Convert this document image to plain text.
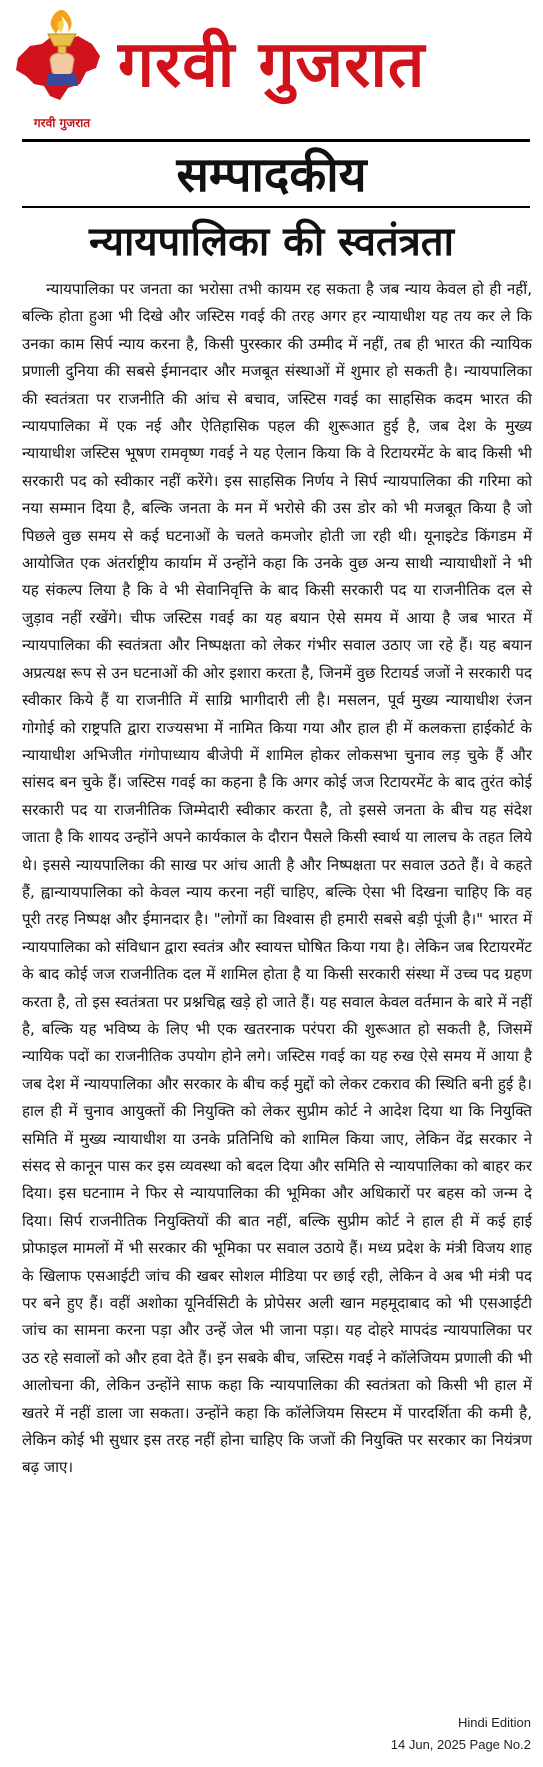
गरवी गुजरात
गरवी गुजरात
सम्पादकीय
न्यायपालिका की स्वतंत्रता
न्यायपालिका पर जनता का भरोसा तभी कायम रह सकता है जब न्याय केवल हो ही नहीं, बल्कि होता हुआ भी दिखे और जस्टिस गवई की तरह अगर हर न्यायाधीश यह तय कर ले कि उनका काम सिर्प न्याय करना है, किसी पुरस्कार की उम्मीद में नहीं, तब ही भारत की न्यायिक प्रणाली दुनिया की सबसे ईमानदार और मजबूत संस्थाओं में शुमार हो सकती है। न्यायपालिका की स्वतंत्रता पर राजनीति की आंच से बचाव, जस्टिस गवई का साहसिक कदम भारत की न्यायपालिका में एक नई और ऐतिहासिक पहल की शुरूआत हुई है, जब देश के मुख्य न्यायाधीश जस्टिस भूषण रामवृष्ण गवई ने यह ऐलान किया कि वे रिटायरमेंट के बाद किसी भी सरकारी पद को स्वीकार नहीं करेंगे। इस साहसिक निर्णय ने सिर्प न्यायपालिका की गरिमा को नया सम्मान दिया है, बल्कि जनता के मन में भरोसे की उस डोर को भी मजबूत किया है जो पिछले वुछ समय से कई घटनाओं के चलते कमजोर होती जा रही थी। यूनाइटेड किंगडम में आयोजित एक अंतर्राष्ट्रीय कार्याम में उन्होंने कहा कि उनके वुछ अन्य साथी न्यायाधीशों ने भी यह संकल्प लिया है कि वे भी सेवानिवृत्ति के बाद किसी सरकारी पद या राजनीतिक दल से जुड़ाव नहीं रखेंगे। चीफ जस्टिस गवई का यह बयान ऐसे समय में आया है जब भारत में न्यायपालिका की स्वतंत्रता और निष्पक्षता को लेकर गंभीर सवाल उठाए जा रहे हैं। यह बयान अप्रत्यक्ष रूप से उन घटनाओं की ओर इशारा करता है, जिनमें वुछ रिटायर्ड जजों ने सरकारी पद स्वीकार किये हैं या राजनीति में साय्रि भागीदारी ली है। मसलन, पूर्व मुख्य न्यायाधीश रंजन गोगोई को राष्ट्रपति द्वारा राज्यसभा में नामित किया गया और हाल ही में कलकत्ता हाईकोर्ट के न्यायाधीश अभिजीत गंगोपाध्याय बीजेपी में शामिल होकर लोकसभा चुनाव लड़ चुके हैं और सांसद बन चुके हैं। जस्टिस गवई का कहना है कि अगर कोई जज रिटायरमेंट के बाद तुरंत कोई सरकारी पद या राजनीतिक जिम्मेदारी स्वीकार करता है, तो इससे जनता के बीच यह संदेश जाता है कि शायद उन्होंने अपने कार्यकाल के दौरान पैसले किसी स्वार्थ या लालच के तहत लिये थे। इससे न्यायपालिका की साख पर आंच आती है और निष्पक्षता पर सवाल उठते हैं। वे कहते हैं, ह्वान्यायपालिका को केवल न्याय करना नहीं चाहिए, बल्कि ऐसा भी दिखना चाहिए कि वह पूरी तरह निष्पक्ष और ईमानदार है। "लोगों का विश्वास ही हमारी सबसे बड़ी पूंजी है।" भारत में न्यायपालिका को संविधान द्वारा स्वतंत्र और स्वायत्त घोषित किया गया है। लेकिन जब रिटायरमेंट के बाद कोई जज राजनीतिक दल में शामिल होता है या किसी सरकारी संस्था में उच्च पद ग्रहण करता है, तो इस स्वतंत्रता पर प्रश्नचिह्न खड़े हो जाते हैं। यह सवाल केवल वर्तमान के बारे में नहीं है, बल्कि यह भविष्य के लिए भी एक खतरनाक परंपरा की शुरूआत हो सकती है, जिसमें न्यायिक पदों का राजनीतिक उपयोग होने लगे। जस्टिस गवई का यह रुख ऐसे समय में आया है जब देश में न्यायपालिका और सरकार के बीच कई मुद्दों को लेकर टकराव की स्थिति बनी हुई है। हाल ही में चुनाव आयुक्तों की नियुक्ति को लेकर सुप्रीम कोर्ट ने आदेश दिया था कि नियुक्ति समिति में मुख्य न्यायाधीश या उनके प्रतिनिधि को शामिल किया जाए, लेकिन वेंद्र सरकार ने संसद से कानून पास कर इस व्यवस्था को बदल दिया और समिति से न्यायपालिका को बाहर कर दिया। इस घटनााम ने फिर से न्यायपालिका की भूमिका और अधिकारों पर बहस को जन्म दे दिया। सिर्प राजनीतिक नियुक्तियों की बात नहीं, बल्कि सुप्रीम कोर्ट ने हाल ही में कई हाई प्रोफाइल मामलों में भी सरकार की भूमिका पर सवाल उठाये हैं। मध्य प्रदेश के मंत्री विजय शाह के खिलाफ एसआईटी जांच की खबर सोशल मीडिया पर छाई रही, लेकिन वे अब भी मंत्री पद पर बने हुए हैं। वहीं अशोका यूनिर्वसिटी के प्रोपेसर अली खान महमूदाबाद को भी एसआईटी जांच का सामना करना पड़ा और उन्हें जेल भी जाना पड़ा। यह दोहरे मापदंड न्यायपालिका पर उठ रहे सवालों को और हवा देते हैं। इन सबके बीच, जस्टिस गवई ने कॉलेजियम प्रणाली की भी आलोचना की, लेकिन उन्होंने साफ कहा कि न्यायपालिका की स्वतंत्रता को किसी भी हाल में खतरे में नहीं डाला जा सकता। उन्होंने कहा कि कॉलेजियम सिस्टम में पारदर्शिता की कमी है, लेकिन कोई भी सुधार इस तरह नहीं होना चाहिए कि जजों की नियुक्ति पर सरकार का नियंत्रण बढ़ जाए।
Hindi Edition
14 Jun, 2025 Page No.2
